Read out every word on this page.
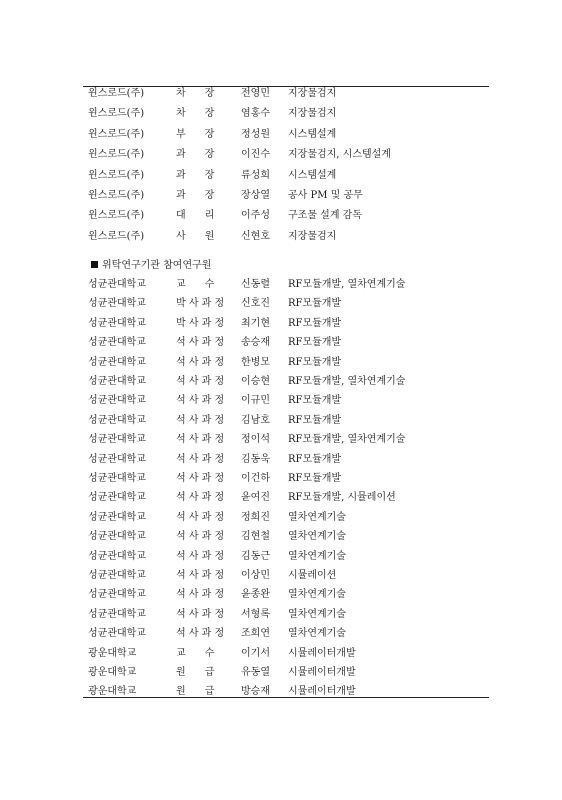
윈스로드(주)	차      장	전영민 지장물검지
윈스로드(주)	차      장	염홍수 지장물검지
윈스로드(주)	부      장	정성원 시스템설계
윈스로드(주)	과      장	이진수 지장물검지, 시스템설계
윈스로드(주)	과      장	류성희 시스템설계
윈스로드(주)	과      장	장상열 공사 PM 및 공무
윈스로드(주)	대      리	이주성 구조물 설계 감독
윈스로드(주)	사      원	신현호 지장물검지
위탁연구기관 참여연구원
성균관대학교	교      수	신동렬 RF모듈개발, 열차연계기술
성균관대학교	박 사 과 정	신호진 RF모듈개발
성균관대학교	박 사 과 정	최기현 RF모듈개발
성균관대학교	석 사 과 정	송승재 RF모듈개발
성균관대학교	석 사 과 정	한병모 RF모듈개발
성균관대학교	석 사 과 정	이승현 RF모듈개발, 열차연계기술
성균관대학교	석 사 과 정	이규민 RF모듈개발
성균관대학교	석 사 과 정	김남호 RF모듈개발
성균관대학교	석 사 과 정	정이석 RF모듈개발, 열차연계기술
성균관대학교	석 사 과 정	김동욱 RF모듈개발
성균관대학교	석 사 과 정	이건하 RF모듈개발
성균관대학교	석 사 과 정	윤여진 RF모듈개발, 시뮬레이션
성균관대학교	석 사 과 정	정희진 열차연계기술
성균관대학교	석 사 과 정	김현철 열차연계기술
성균관대학교	석 사 과 정	김동근 열차연계기술
성균관대학교	석 사 과 정	이상민 시뮬레이션
성균관대학교	석 사 과 정	윤종완 열차연계기술
성균관대학교	석 사 과 정	서형록 열차연계기술
성균관대학교	석 사 과 정	조희연 열차연계기술
광운대학교	교      수	이기서 시뮬레이터개발
광운대학교	원      급	유동열 시뮬레이터개발
광운대학교	원      급	방승재 시뮬레이터개발
